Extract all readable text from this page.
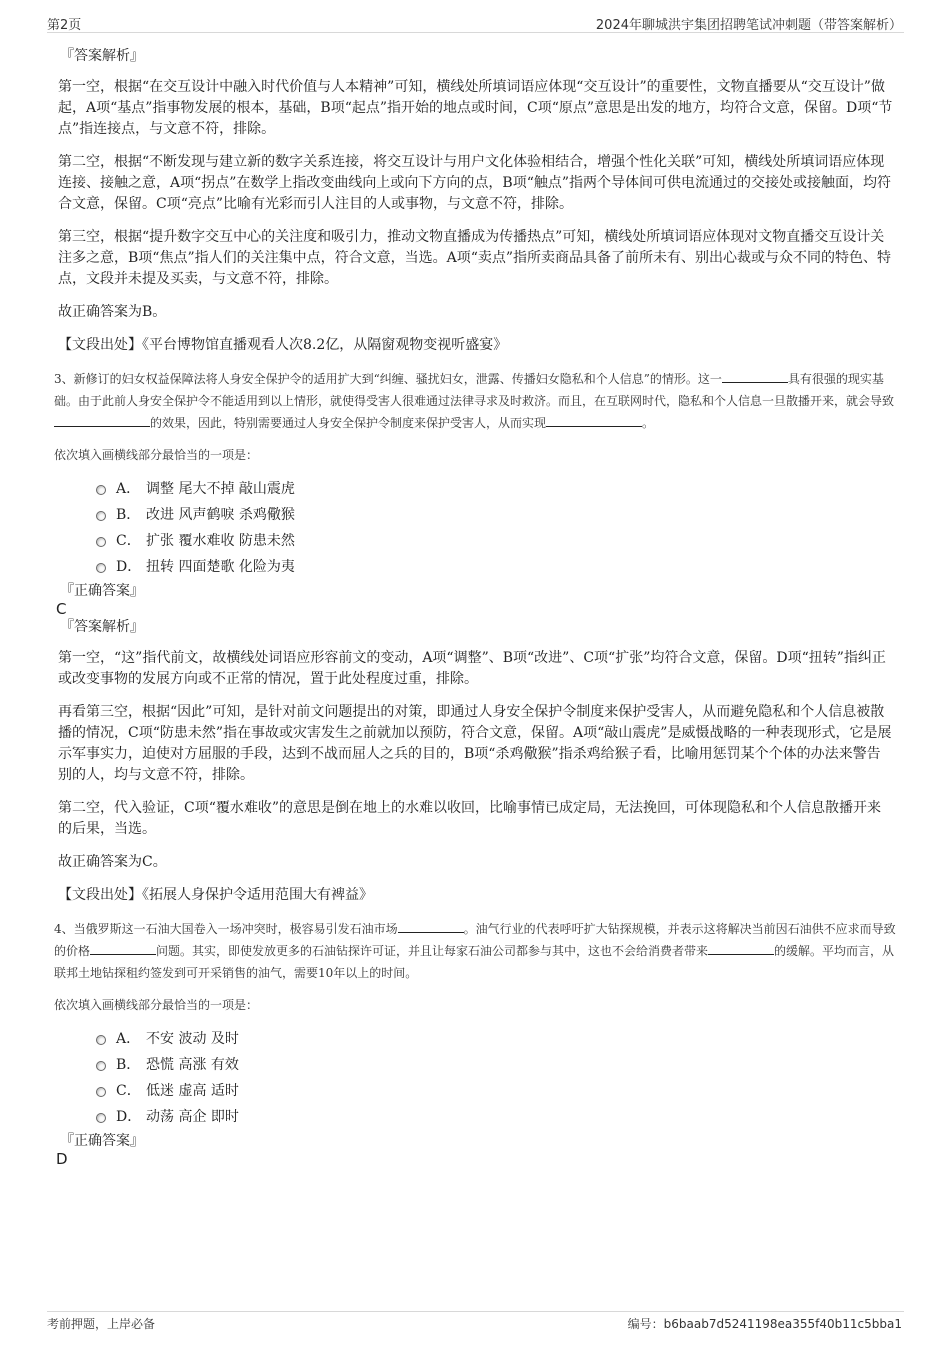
第2页	2024年聊城洪宇集团招聘笔试冲刺题（带答案解析）
『答案解析』

第一空，根据“在交互设计中融入时代价值与人本精神”可知，横线处所填词语应体现“交互设计”的重要性，文物直播要从“交互设计”做起，A项“基点”指事物发展的根本，基础，B项“起点”指开始的地点或时间，C项“原点”意思是出发的地方，均符合文意，保留。D项“节点”指连接点，与文意不符，排除。

第二空，根据“不断发现与建立新的数字关系连接，将交互设计与用户文化体验相结合，增强个性化关联”可知，横线处所填词语应体现连接、接触之意，A项“拐点”在数学上指改变曲线向上或向下方向的点，B项“触点”指两个导体间可供电流通过的交接处或接触面，均符合文意，保留。C项“亮点”比喻有光彩而引人注目的人或事物，与文意不符，排除。

第三空，根据“提升数字交互中心的关注度和吸引力，推动文物直播成为传播热点”可知，横线处所填词语应体现对文物直播交互设计关注多之意，B项“焦点”指人们的关注集中点，符合文意，当选。A项“卖点”指所卖商品具备了前所未有、别出心裁或与众不同的特色、特点，文段并未提及买卖，与文意不符，排除。

故正确答案为B。

【文段出处】《平台博物馆直播观看人次8.2亿，从隔窗观物变视听盛宴》

3、新修订的妇女权益保障法将人身安全保护令的适用扩大到“纠缠、骚扰妇女，泄露、传播妇女隐私和个人信息”的情形。这一	具有很强的现实基础。由于此前人身安全保护令不能适用到以上情形，就使得受害人很难通过法律寻求及时救济。而且，在互联网时代，隐私和个人信息一旦散播开来，就会导致的效果，因此，特别需要通过人身安全保护令制度来保护受害人，从而实现	。

依次填入画横线部分最恰当的一项是：

A． 调整 尾大不掉 敲山震虎
B． 改进 风声鹤唳 杀鸡儆猴
C． 扩张 覆水难收 防患未然
D． 扭转 四面楚歌 化险为夷
『正确答案』
C
『答案解析』

第一空，“这”指代前文，故横线处词语应形容前文的变动，A项“调整”、B项“改进”、C项“扩张”均符合文意，保留。D项“扭转”指纠正或改变事物的发展方向或不正常的情况，置于此处程度过重，排除。

再看第三空，根据“因此”可知，是针对前文问题提出的对策，即通过人身安全保护令制度来保护受害人，从而避免隐私和个人信息被散播的情况，C项“防患未然”指在事故或灾害发生之前就加以预防，符合文意，保留。A项“敲山震虎”是威慑战略的一种表现形式，它是展示军事实力，迫使对方屈服的手段，达到不战而屈人之兵的目的，B项“杀鸡儆猴”指杀鸡给猴子看，比喻用惩罚某个个体的办法来警告别的人，均与文意不符，排除。

第二空，代入验证，C项“覆水难收”的意思是倒在地上的水难以收回，比喻事情已成定局，无法挽回，可体现隐私和个人信息散播开来的后果，当选。

故正确答案为C。

【文段出处】《拓展人身保护令适用范围大有裨益》

4、当俄罗斯这一石油大国卷入一场冲突时，极容易引发石油市场	。油气行业的代表呼吁扩大钻探规模，并表示这将解决当前因石油供不应求而导致的价格	问题。其实，即使发放更多的石油钻探许可证，并且让每家石油公司都参与其中，这也不会给消费者带来	的缓解。平均而言，从联邦土地钻探租约签发到可开采销售的油气，需要10年以上的时间。

依次填入画横线部分最恰当的一项是：

A． 不安 波动 及时
B． 恐慌 高涨 有效
C． 低迷 虚高 适时
D． 动荡 高企 即时
『正确答案』
D
考前押题，上岸必备	编号：b6baab7d5241198ea355f40b11c5bba1
